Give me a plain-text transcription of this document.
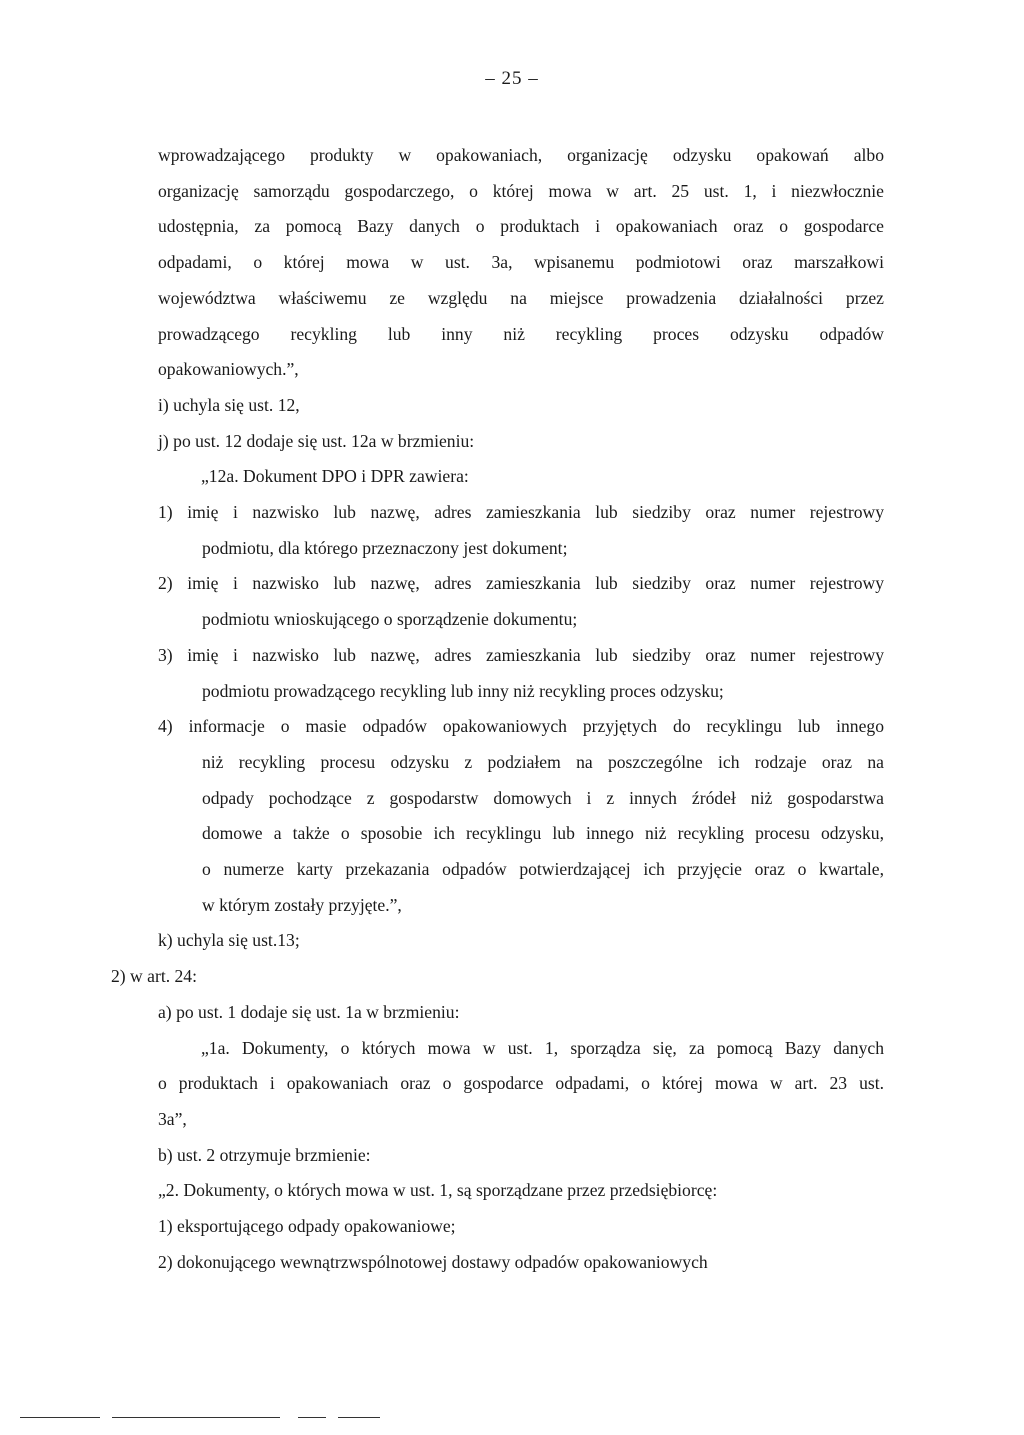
– 25 –
wprowadzającego produkty w opakowaniach, organizację odzysku opakowań albo
organizację samorządu gospodarczego, o której mowa w art. 25 ust. 1, i niezwłocznie
udostępnia, za pomocą Bazy danych o produktach i opakowaniach oraz o gospodarce
odpadami, o której mowa w ust. 3a, wpisanemu podmiotowi oraz marszałkowi
województwa właściwemu ze względu na miejsce prowadzenia działalności przez
prowadzącego recykling lub inny niż recykling proces odzysku odpadów
opakowaniowych.”,
i) uchyla się ust. 12,
j) po ust. 12 dodaje się ust. 12a w brzmieniu:
„12a. Dokument DPO i DPR zawiera:
1) imię i nazwisko lub nazwę, adres zamieszkania lub siedziby oraz numer rejestrowy
podmiotu, dla którego przeznaczony jest dokument;
2) imię i nazwisko lub nazwę, adres zamieszkania lub siedziby oraz numer rejestrowy
podmiotu wnioskującego o sporządzenie dokumentu;
3) imię i nazwisko lub nazwę, adres zamieszkania lub siedziby oraz numer rejestrowy
podmiotu prowadzącego recykling lub inny niż recykling proces odzysku;
4) informacje o masie odpadów opakowaniowych przyjętych do recyklingu lub innego
niż recykling procesu odzysku z podziałem na poszczególne ich rodzaje oraz na
odpady pochodzące z gospodarstw domowych i z innych źródeł niż gospodarstwa
domowe a także o sposobie ich recyklingu lub innego niż recykling procesu odzysku,
o numerze karty przekazania odpadów potwierdzającej ich przyjęcie oraz o kwartale,
w którym zostały przyjęte.”,
k) uchyla się ust.13;
2) w art. 24:
a) po ust. 1 dodaje się ust. 1a w brzmieniu:
„1a. Dokumenty, o których mowa w ust. 1, sporządza się, za pomocą Bazy danych
o produktach i opakowaniach oraz o gospodarce odpadami, o której mowa w art. 23 ust.
3a”,
b) ust. 2 otrzymuje brzmienie:
„2. Dokumenty, o których mowa w ust. 1, są sporządzane przez przedsiębiorcę:
1) eksportującego odpady opakowaniowe;
2) dokonującego wewnątrzwspólnotowej dostawy odpadów opakowaniowych
